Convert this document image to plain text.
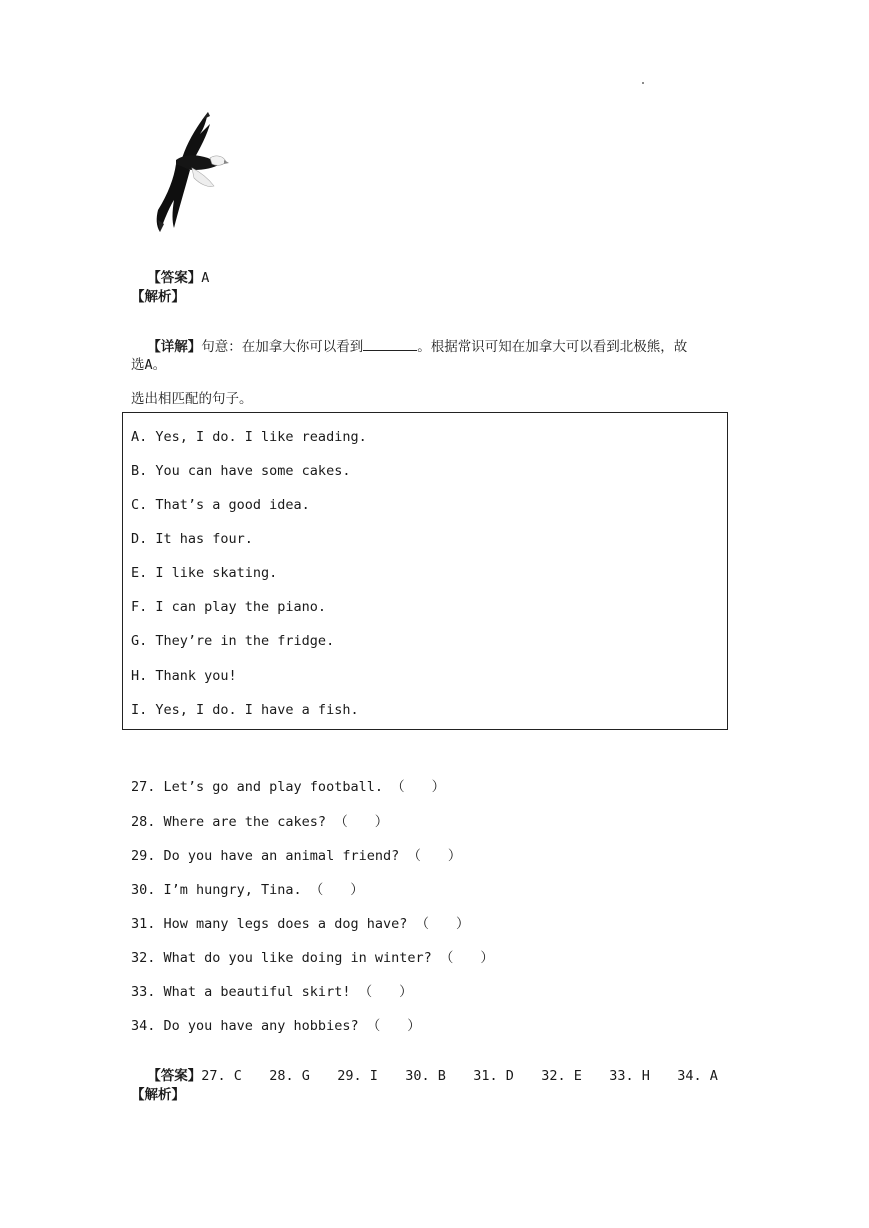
【答案】A

【解析】

【详解】句意：在加拿大你可以看到	。根据常识可知在加拿大可以看到北极熊，故

选A。
选出相匹配的句子。
A. Yes, I do. I like reading.
B. You can have some cakes.
C. That’s a good idea.
D. It has four.
E. I like skating.
F. I can play the piano.
G. They’re in the fridge.
H. Thank you!
I. Yes, I do. I have a fish.
27. Let’s go and play football. （　　）
28. Where are the cakes? （　　）
29. Do you have an animal friend? （　　）
30. I’m hungry, Tina. （　　）
31. How many legs does a dog have? （　　）
32. What do you like doing in winter? （　　）
33. What a beautiful skirt! （　　）
34. Do you have any hobbies? （　　）

【答案】27. C 28. G 29. I 30. B 31. D 32. E 33. H 34. A

【解析】
